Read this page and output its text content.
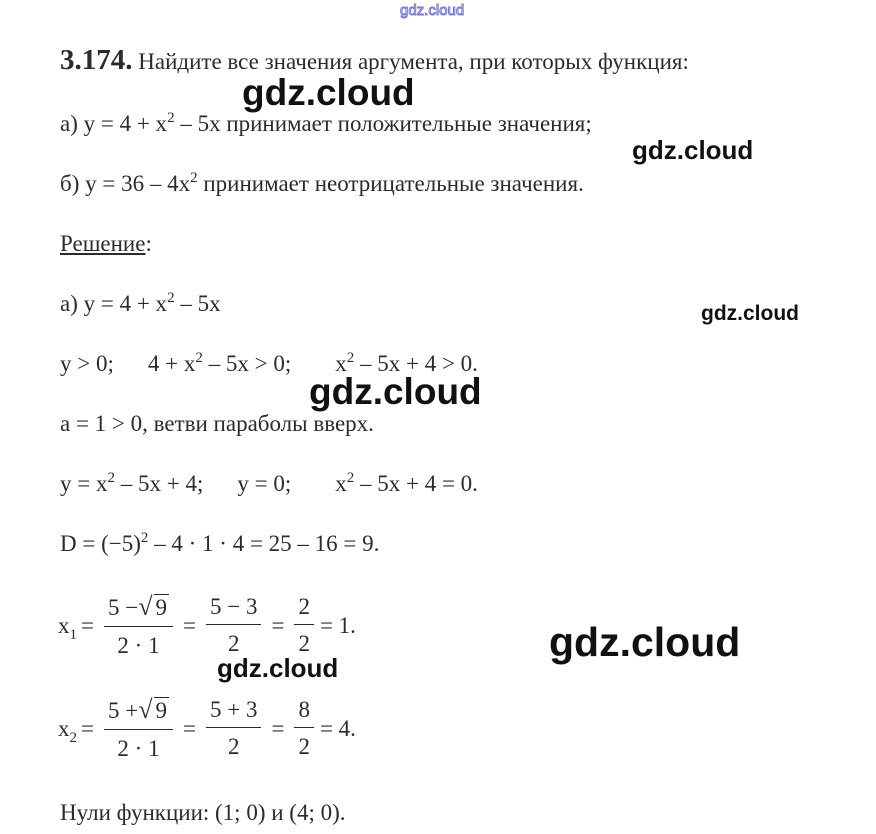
3.174. Найдите все значения аргумента, при которых функция:
а) $y = 4 + x^2 - 5x$ принимает положительные значения;
б) $y = 36 - 4x^2$ принимает неотрицательные значения.
Решение:
а) $y = 4 + x^2 - 5x$
y > 0; $4 + x^2 - 5x > 0$; $x^2 - 5x + 4 > 0$.
a = 1 > 0, ветви параболы вверх.
$y = x^2 - 5x + 4$; y = 0; $x^2 - 5x + 4 = 0$.
$D = (-5)^2 - 4 \cdot 1 \cdot 4 = 25 - 16 = 9$.
$x_1 = \frac{5 -√ 9}{2 \cdot 1} = \frac{5 - 3}{2} = \frac{2}{2} = 1$.
$x_2 = \frac{5 +√ 9}{2 \cdot 1} = \frac{5 + 3}{2} = \frac{8}{2} = 4$.
Нули функции: (1; 0) и (4; 0).
gdz.cloud
gdz.cloud
gdz.cloud
gdz.cloud
gdz.cloud
gdz.cloud
gdz.cloud
